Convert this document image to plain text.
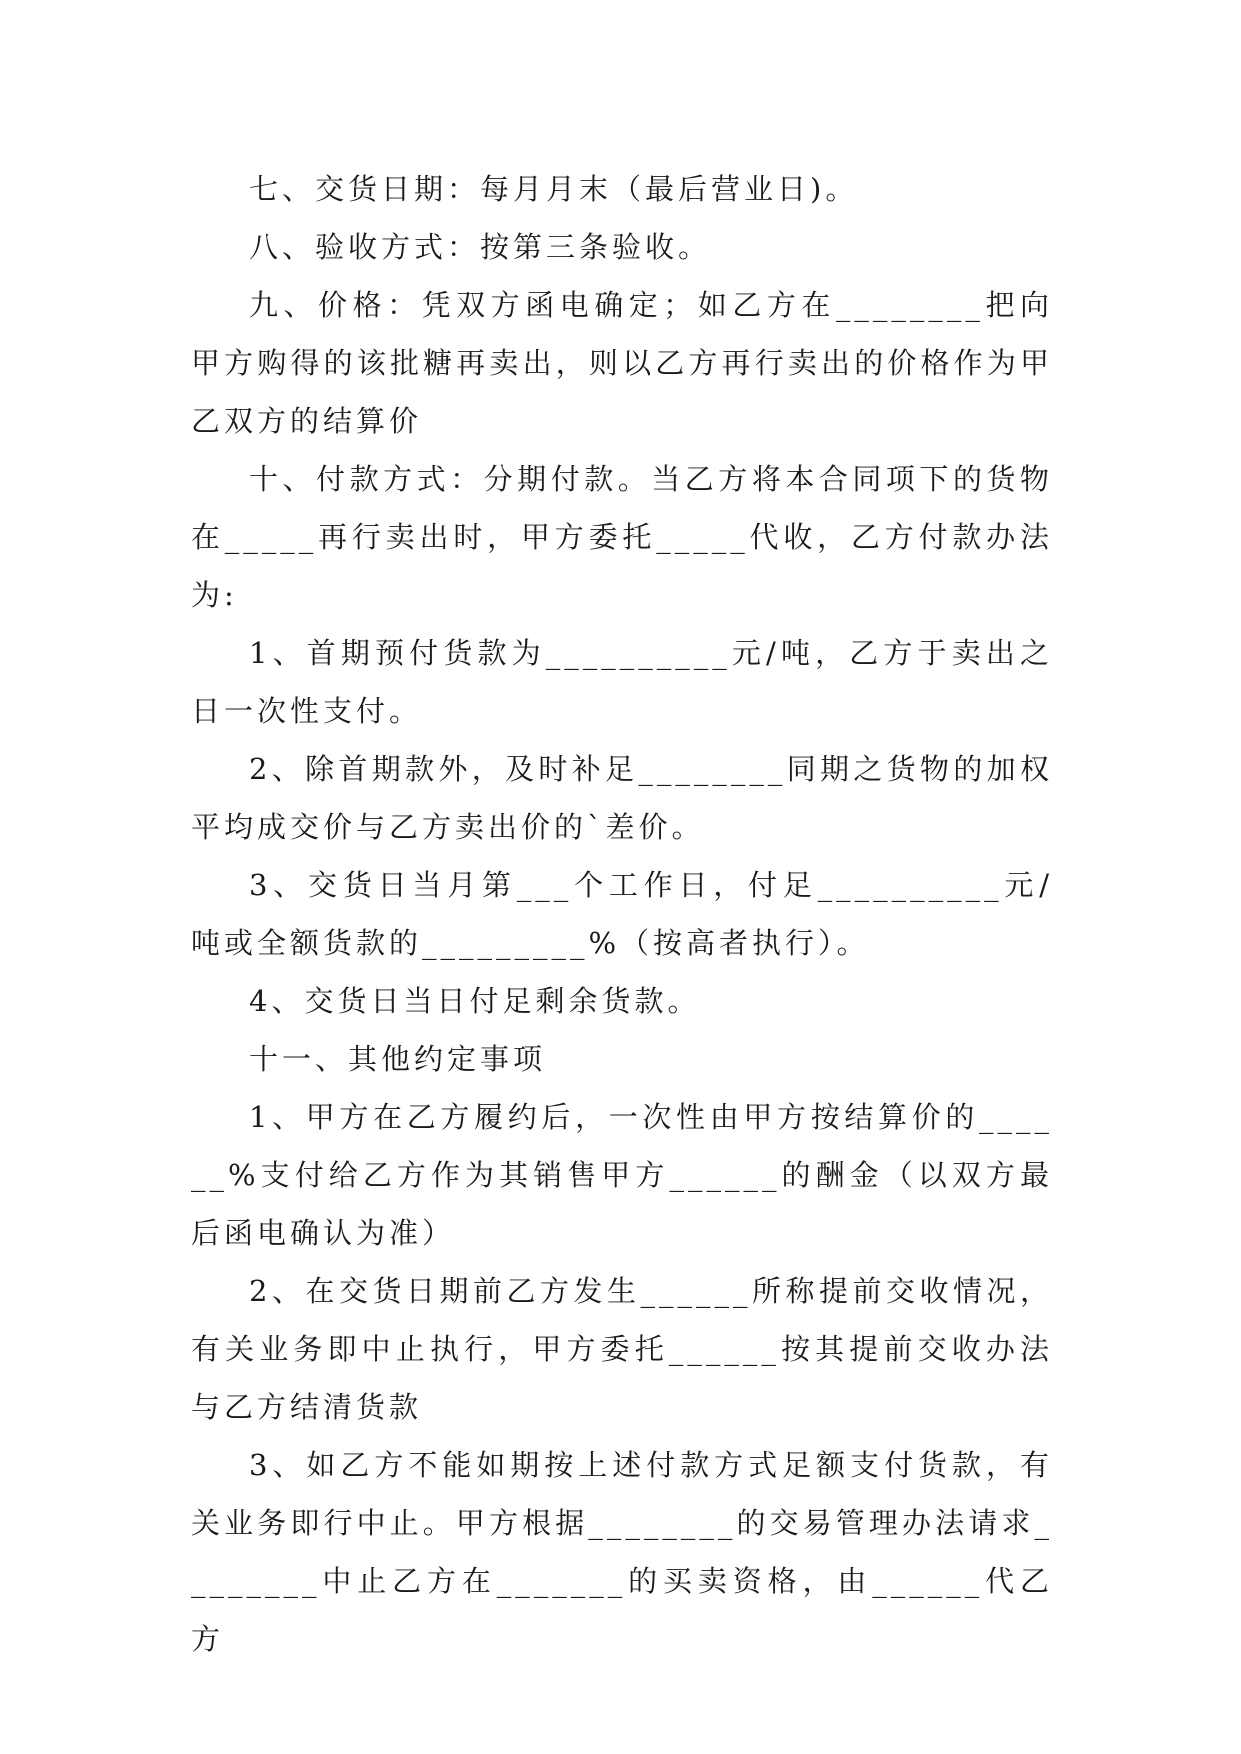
七、交货日期：每月月末（最后营业日)。

八、验收方式：按第三条验收。

九、价格：凭双方函电确定；如乙方在________把向甲方购得的该批糖再卖出，则以乙方再行卖出的价格作为甲乙双方的结算价

十、付款方式：分期付款。当乙方将本合同项下的货物在_____再行卖出时，甲方委托_____代收，乙方付款办法为:

1、首期预付货款为__________元/吨，乙方于卖出之日一次性支付。

2、除首期款外，及时补足________同期之货物的加权平均成交价与乙方卖出价的`差价。

3、交货日当月第___个工作日，付足__________元/吨或全额货款的_________%（按高者执行）。

4、交货日当日付足剩余货款。

十一、其他约定事项

1、甲方在乙方履约后，一次性由甲方按结算价的______%支付给乙方作为其销售甲方______的酬金（以双方最后函电确认为准）

2、在交货日期前乙方发生______所称提前交收情况，有关业务即中止执行，甲方委托______按其提前交收办法与乙方结清货款

3、如乙方不能如期按上述付款方式足额支付货款，有关业务即行中止。甲方根据________的交易管理办法请求________中止乙方在_______的买卖资格，由______代乙方
